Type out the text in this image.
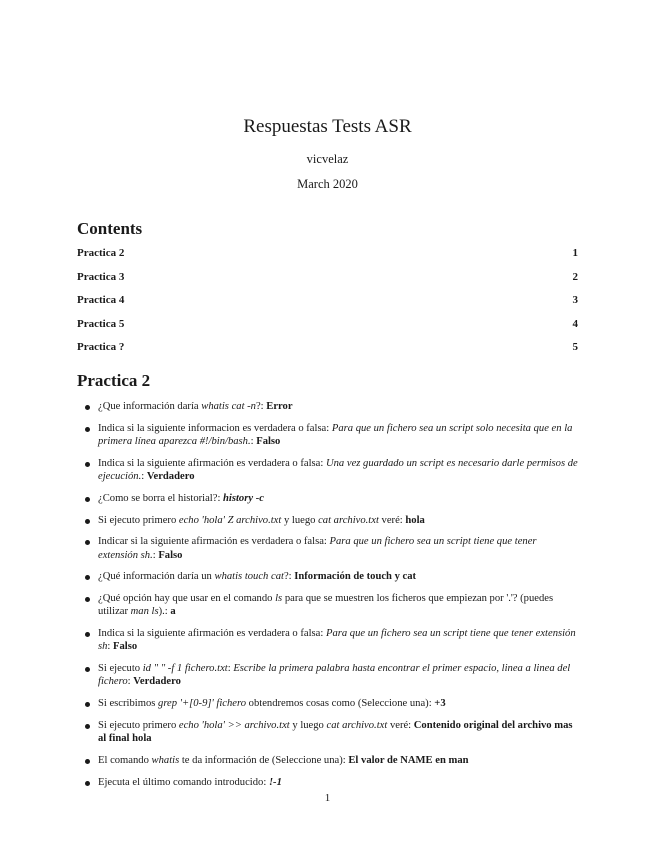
Respuestas Tests ASR
vicvelaz
March 2020
Contents
Practica 2	1
Practica 3	2
Practica 4	3
Practica 5	4
Practica ?	5
Practica 2
¿Que información daría whatis cat -n?: Error
Indica si la siguiente informacion es verdadera o falsa: Para que un fichero sea un script solo necesita que en la primera línea aparezca #!/bin/bash.: Falso
Indica si la siguiente afirmación es verdadera o falsa: Una vez guardado un script es necesario darle permisos de ejecución.: Verdadero
¿Como se borra el historial?: history -c
Si ejecuto primero echo 'hola' Z archivo.txt y luego cat archivo.txt veré: hola
Indicar si la siguiente afirmación es verdadera o falsa: Para que un fichero sea un script tiene que tener extensión sh.: Falso
¿Qué información daría un whatis touch cat?: Información de touch y cat
¿Qué opción hay que usar en el comando ls para que se muestren los ficheros que empiezan por '.'? (puedes utilizar man ls).: a
Indica si la siguiente afirmación es verdadera o falsa: Para que un fichero sea un script tiene que tener extensión sh: Falso
Si ejecuto id " " -f 1 fichero.txt: Escribe la primera palabra hasta encontrar el primer espacio, linea a linea del fichero: Verdadero
Si escribimos grep '+[0-9]' fichero obtendremos cosas como (Seleccione una): +3
Si ejecuto primero echo 'hola' >> archivo.txt y luego cat archivo.txt veré: Contenido original del archivo mas al final hola
El comando whatis te da información de (Seleccione una): El valor de NAME en man
Ejecuta el último comando introducido: !-1
1
